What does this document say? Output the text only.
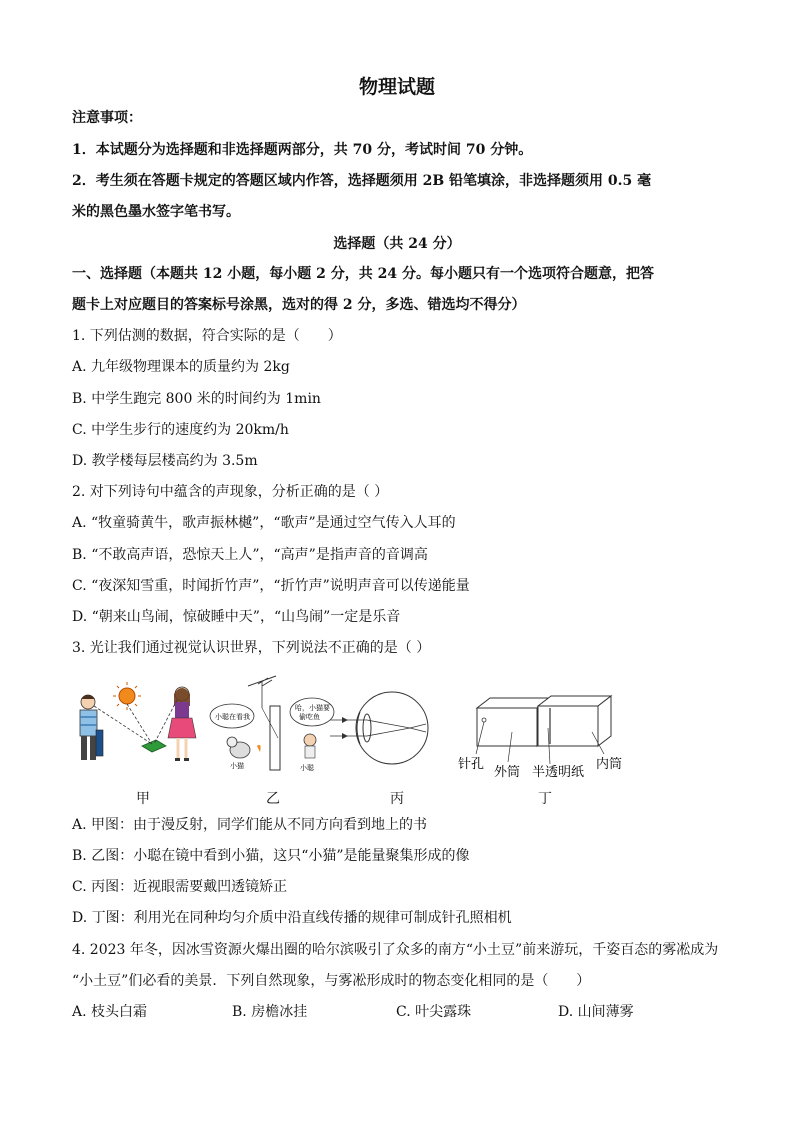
物理试题
注意事项：
1．本试题分为选择题和非选择题两部分，共 70 分，考试时间 70 分钟。
2．考生须在答题卡规定的答题区域内作答，选择题须用 2B 铅笔填涂，非选择题须用 0.5 毫
米的黑色墨水签字笔书写。
选择题（共 24 分）
一、选择题（本题共 12 小题，每小题 2 分，共 24 分。每小题只有一个选项符合题意，把答
题卡上对应题目的答案标号涂黑，选对的得 2 分，多选、错选均不得分）
1. 下列估测的数据，符合实际的是（　　）
A. 九年级物理课本的质量约为 2kg
B. 中学生跑完 800 米的时间约为 1min
C. 中学生步行的速度约为 20km/h
D. 教学楼每层楼高约为 3.5m
2. 对下列诗句中蕴含的声现象，分析正确的是（ ）
A. “牧童骑黄牛，歌声振林樾”，“歌声”是通过空气传入人耳的
B. “不敢高声语，恐惊天上人”，“高声”是指声音的音调高
C. “夜深知雪重，时闻折竹声”，“折竹声”说明声音可以传递能量
D. “朝来山鸟闹，惊破睡中天”，“山鸟闹”一定是乐音
3. 光让我们通过视觉认识世界，下列说法不正确的是（ ）
小聪在看我
哈，小猫要
偷吃鱼
小猫	小聪	针孔
外筒 半透明纸
内筒
甲	乙	丙	丁
A. 甲图：由于漫反射，同学们能从不同方向看到地上的书
B. 乙图：小聪在镜中看到小猫，这只“小猫”是能量聚集形成的像
C. 丙图：近视眼需要戴凹透镜矫正
D. 丁图：利用光在同种均匀介质中沿直线传播的规律可制成针孔照相机
4. 2023 年冬，因冰雪资源火爆出圈的哈尔滨吸引了众多的南方“小土豆”前来游玩，千姿百态的雾凇成为
“小土豆”们必看的美景．下列自然现象，与雾凇形成时的物态变化相同的是（　　）
A. 枝头白霜	B. 房檐冰挂	C. 叶尖露珠	D. 山间薄雾
